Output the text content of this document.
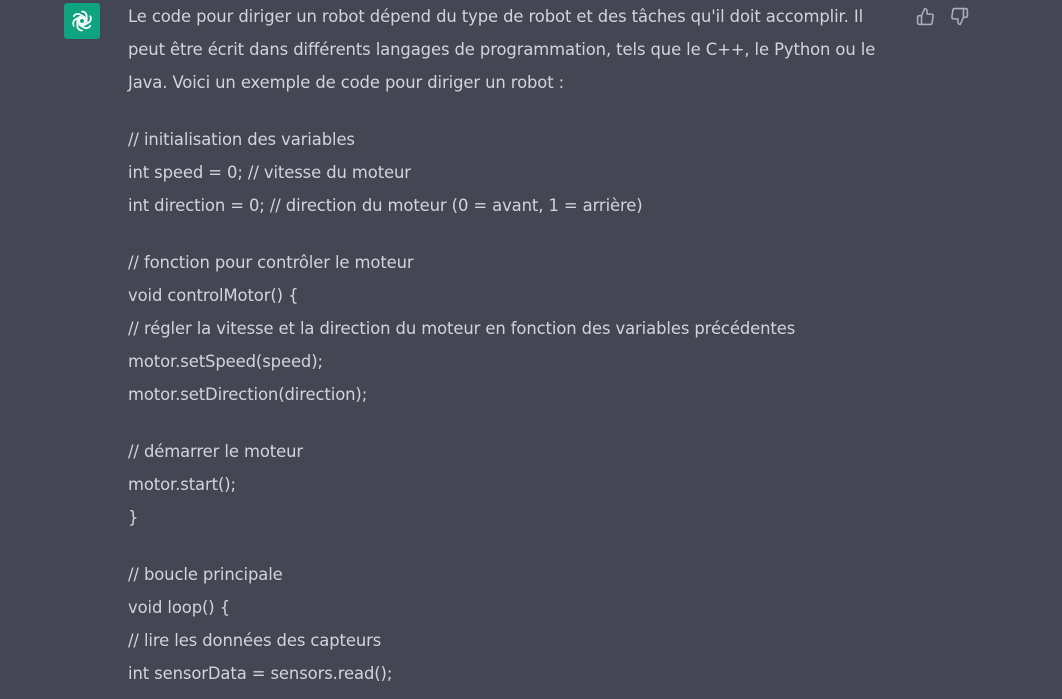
Le code pour diriger un robot dépend du type de robot et des tâches qu'il doit accomplir. Il peut être écrit dans différents langages de programmation, tels que le C++, le Python ou le Java. Voici un exemple de code pour diriger un robot :

// initialisation des variables
int speed = 0; // vitesse du moteur
int direction = 0; // direction du moteur (0 = avant, 1 = arrière)
// fonction pour contrôler le moteur
void controlMotor() {
// régler la vitesse et la direction du moteur en fonction des variables précédentes
motor.setSpeed(speed);
motor.setDirection(direction);
// démarrer le moteur
motor.start();
}
// boucle principale
void loop() {
// lire les données des capteurs
int sensorData = sensors.read();
